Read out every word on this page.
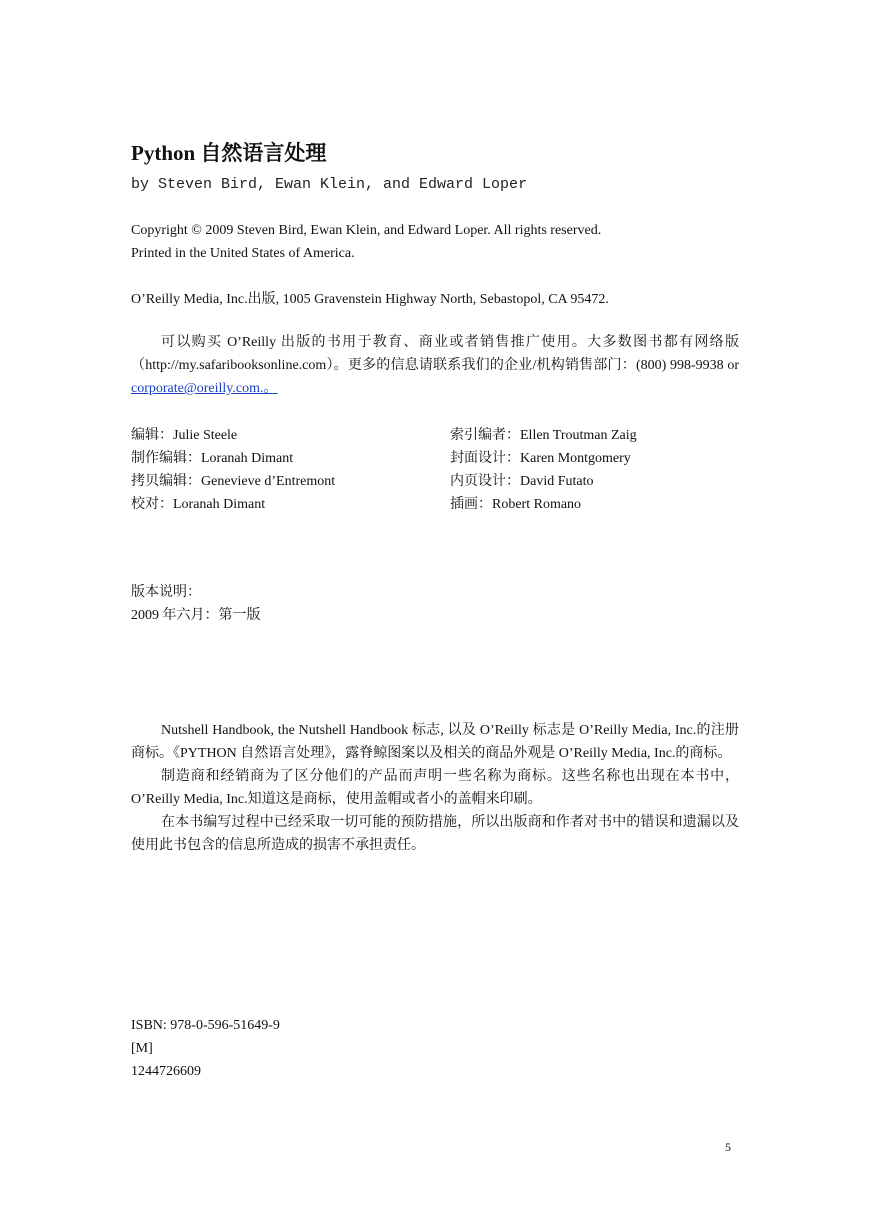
Python 自然语言处理
by Steven Bird, Ewan Klein, and Edward Loper
Copyright © 2009 Steven Bird, Ewan Klein, and Edward Loper. All rights reserved.
Printed in the United States of America.
O’Reilly Media, Inc.出版, 1005 Gravenstein Highway North, Sebastopol, CA 95472.

可以购买 O’Reilly 出版的书用于教育、商业或者销售推广使用。大多数图书都有网络版（http://my.safaribooksonline.com）。更多的信息请联系我们的企业/机构销售部门：(800) 998-9938 or corporate@oreilly.com.。

编辑：Julie Steele
制作编辑：Loranah Dimant
拷贝编辑：Genevieve d’Entremont
校对：Loranah Dimant
索引编者：Ellen Troutman Zaig
封面设计：Karen Montgomery
内页设计：David Futato
插画：Robert Romano
版本说明：
2009 年六月：第一版

Nutshell Handbook, the Nutshell Handbook 标志, 以及 O’Reilly 标志是 O’Reilly Media, Inc.的注册商标。《PYTHON 自然语言处理》，露脊鲸图案以及相关的商品外观是 O’Reilly Media, Inc.的商标。

制造商和经销商为了区分他们的产品而声明一些名称为商标。这些名称也出现在本书中，O’Reilly Media, Inc.知道这是商标，使用盖帽或者小的盖帽来印刷。

在本书编写过程中已经采取一切可能的预防措施，所以出版商和作者对书中的错误和遗漏以及使用此书包含的信息所造成的损害不承担责任。

ISBN: 978-0-596-51649-9
[M]
1244726609
5
